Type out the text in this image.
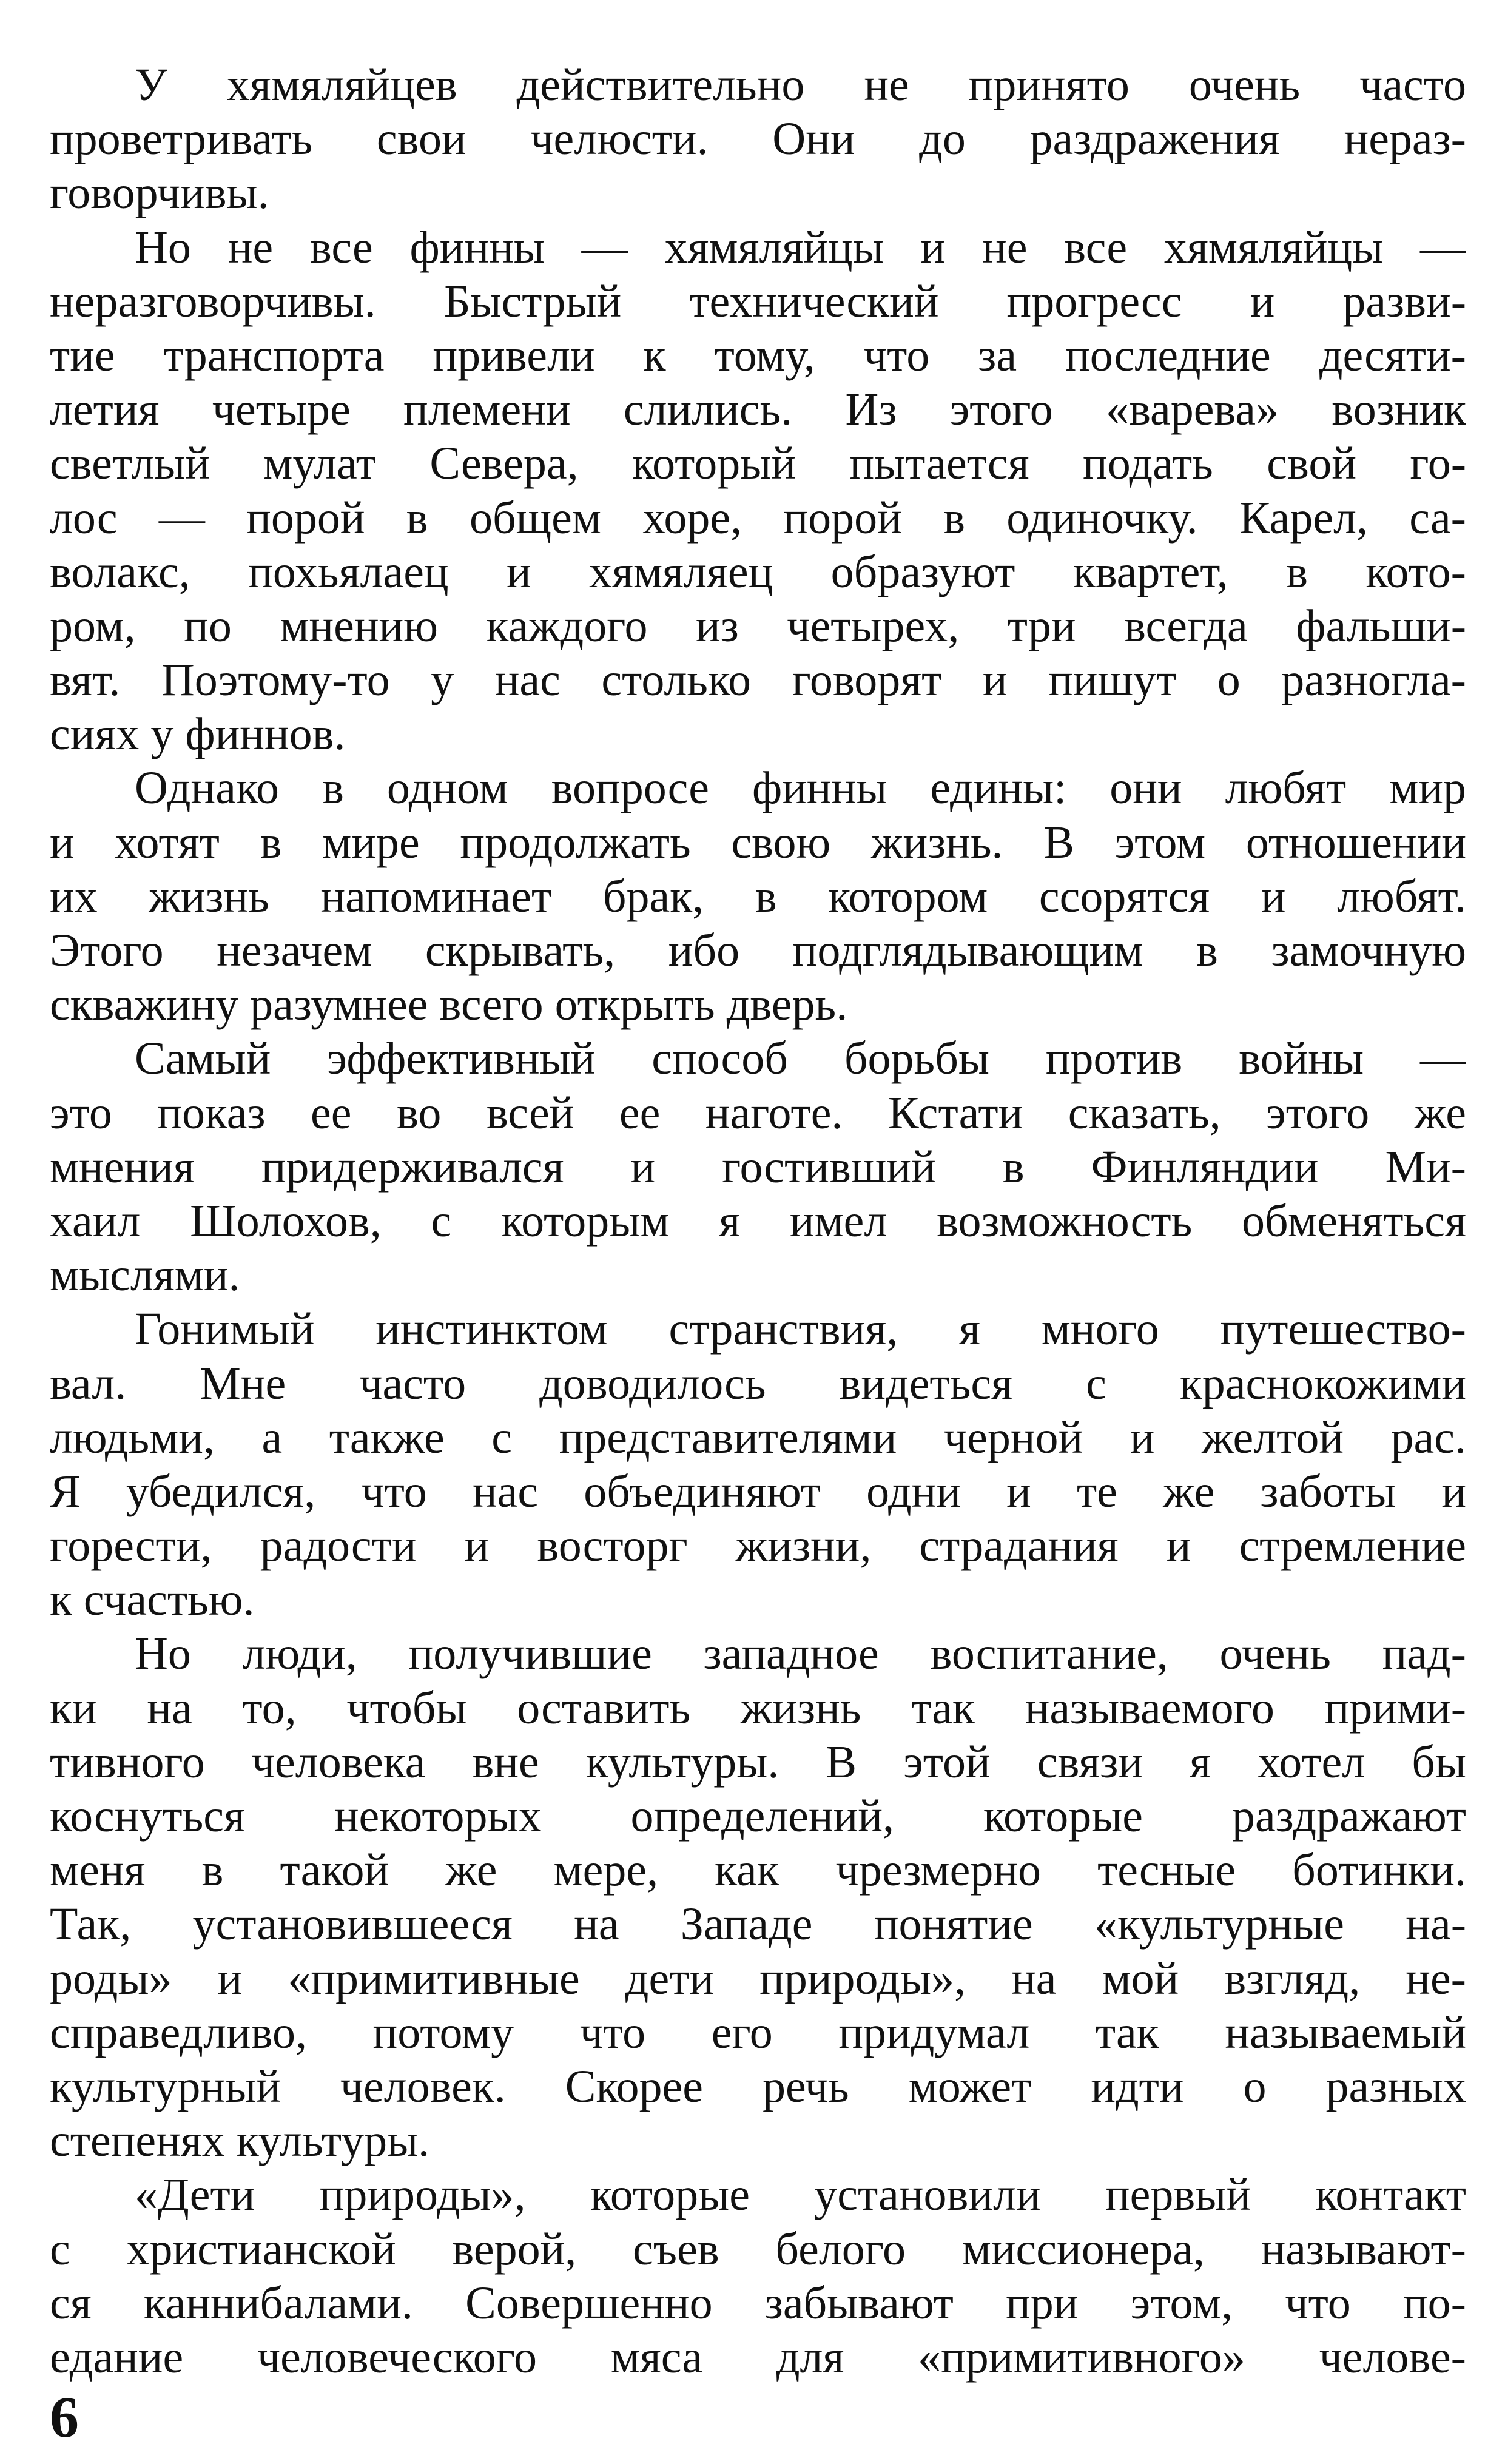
У хямяляйцев действительно не принято очень часто
проветривать свои челюсти. Они до раздражения нераз-
говорчивы.
Но не все финны — хямяляйцы и не все хямяляйцы —
неразговорчивы. Быстрый технический прогресс и разви-
тие транспорта привели к тому, что за последние десяти-
летия четыре племени слились. Из этого «варева» возник
светлый мулат Севера, который пытается подать свой го-
лос — порой в общем хоре, порой в одиночку. Карел, са-
волакс, похьялаец и хямяляец образуют квартет, в кото-
ром, по мнению каждого из четырех, три всегда фальши-
вят. Поэтому-то у нас столько говорят и пишут о разногла-
сиях у финнов.
Однако в одном вопросе финны едины: они любят мир
и хотят в мире продолжать свою жизнь. В этом отношении
их жизнь напоминает брак, в котором ссорятся и любят.
Этого незачем скрывать, ибо подглядывающим в замочную
скважину разумнее всего открыть дверь.
Самый эффективный способ борьбы против войны —
это показ ее во всей ее наготе. Кстати сказать, этого же
мнения придерживался и гостивший в Финляндии Ми-
хаил Шолохов, с которым я имел возможность обменяться
мыслями.
Гонимый инстинктом странствия, я много путешество-
вал. Мне часто доводилось видеться с краснокожими
людьми, а также с представителями черной и желтой рас.
Я убедился, что нас объединяют одни и те же заботы и
горести, радости и восторг жизни, страдания и стремление
к счастью.
Но люди, получившие западное воспитание, очень пад-
ки на то, чтобы оставить жизнь так называемого прими-
тивного человека вне культуры. В этой связи я хотел бы
коснуться некоторых определений, которые раздражают
меня в такой же мере, как чрезмерно тесные ботинки.
Так, установившееся на Западе понятие «культурные на-
роды» и «примитивные дети природы», на мой взгляд, не-
справедливо, потому что его придумал так называемый
культурный человек. Скорее речь может идти о разных
степенях культуры.
«Дети природы», которые установили первый контакт
с христианской верой, съев белого миссионера, называют-
ся каннибалами. Совершенно забывают при этом, что по-
едание человеческого мяса для «примитивного» челове-
6
